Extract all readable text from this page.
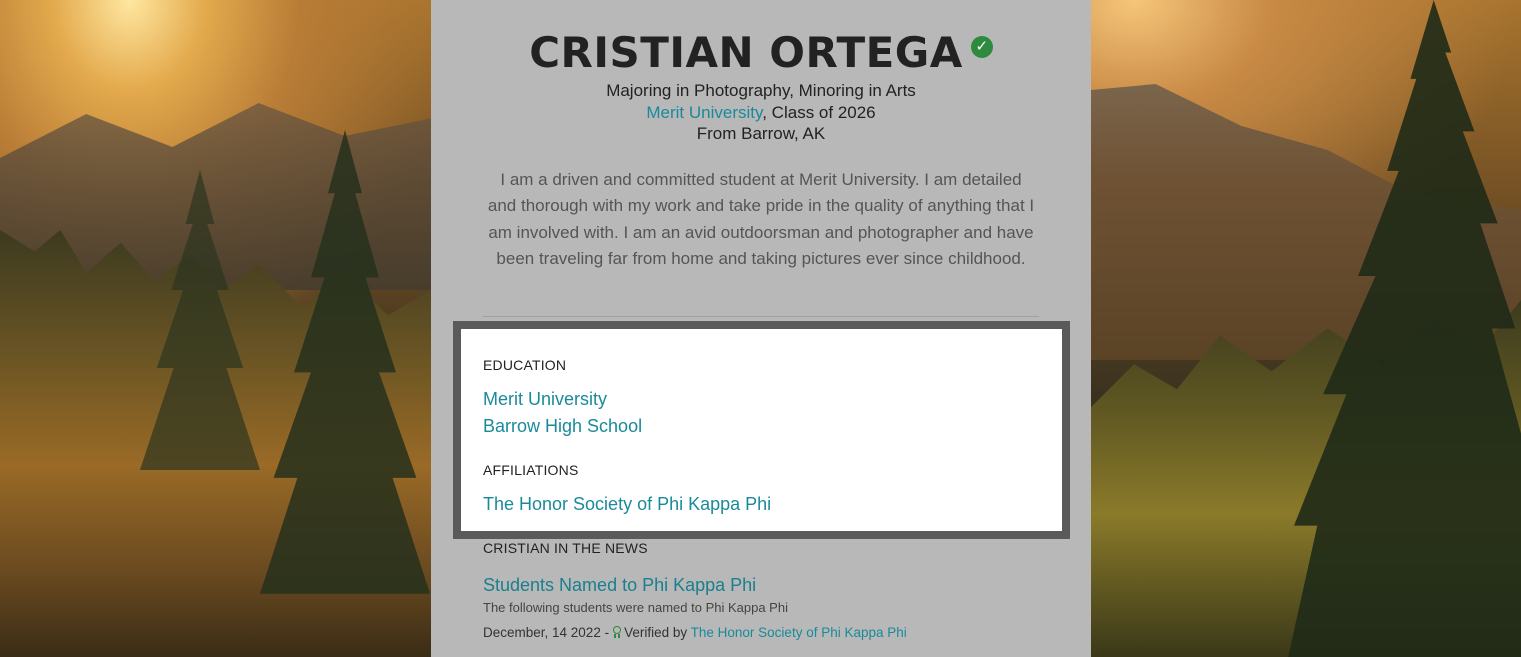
CRISTIAN ORTEGA ✓
Majoring in Photography, Minoring in Arts
Merit University, Class of 2026
From Barrow, AK
I am a driven and committed student at Merit University. I am detailed and thorough with my work and take pride in the quality of anything that I am involved with. I am an avid outdoorsman and photographer and have been traveling far from home and taking pictures ever since childhood.
EDUCATION
Merit University
Barrow High School
AFFILIATIONS
The Honor Society of Phi Kappa Phi
CRISTIAN IN THE NEWS
Students Named to Phi Kappa Phi
The following students were named to Phi Kappa Phi
December, 14 2022 - Verified by The Honor Society of Phi Kappa Phi
